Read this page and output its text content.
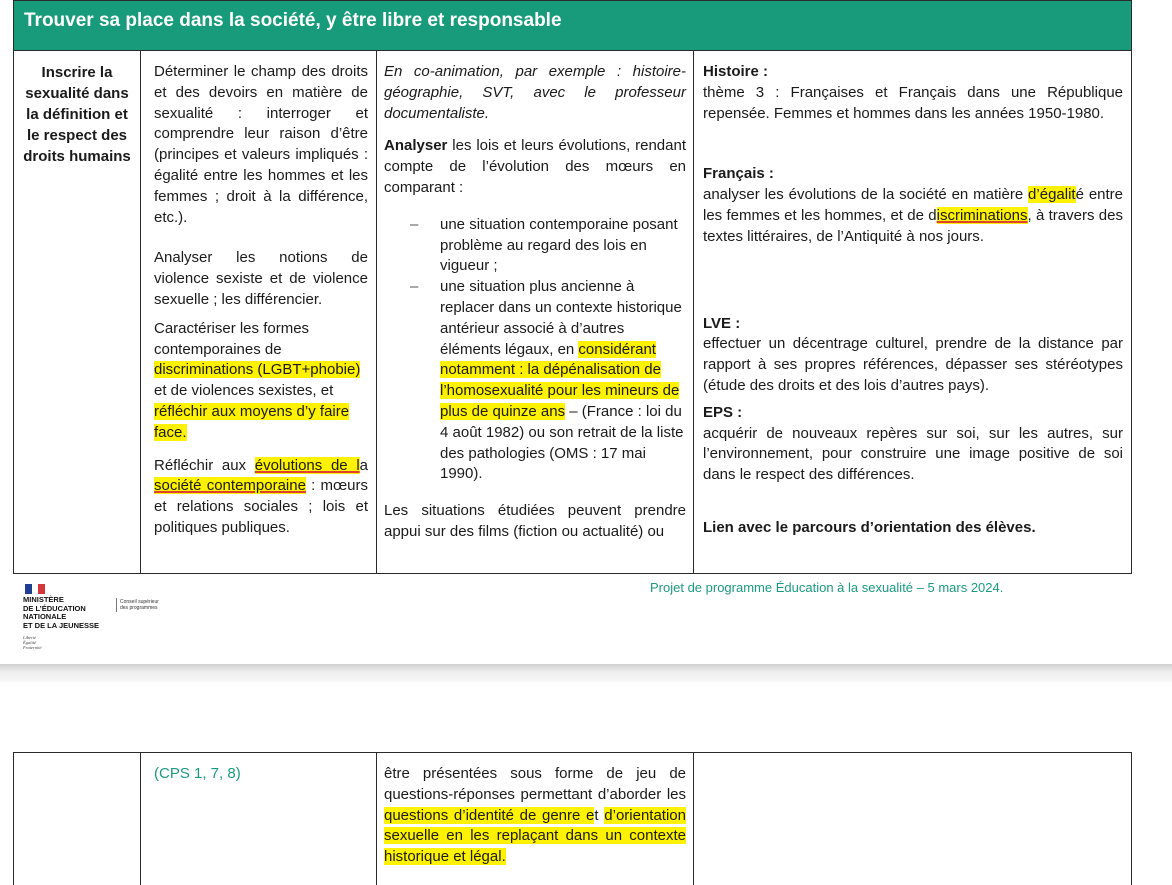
Trouver sa place dans la société, y être libre et responsable
Inscrire la
sexualité dans
la définition et
le respect des
droits humains

Déterminer le champ des droits et des devoirs en matière de sexualité : interroger et comprendre leur raison d’être (principes et valeurs impliqués : égalité entre les hommes et les femmes ; droit à la différence, etc.).

Analyser les notions de violence sexiste et de violence sexuelle ; les différencier.

Caractériser les formes contemporaines de discriminations (LGBT+phobie) et de violences sexistes, et réfléchir aux moyens d’y faire face.

Réfléchir aux évolutions de la société contemporaine : mœurs et relations sociales ; lois et politiques publiques.

En co-animation, par exemple : histoire-géographie, SVT, avec le professeur documentaliste.

Analyser les lois et leurs évolutions, rendant compte de l’évolution des mœurs en comparant :

– une situation contemporaine posant problème au regard des lois en vigueur ;
– une situation plus ancienne à replacer dans un contexte historique antérieur associé à d’autres éléments légaux, en considérant notamment : la dépénalisation de l’homosexualité pour les mineurs de plus de quinze ans – (France : loi du 4 août 1982) ou son retrait de la liste des pathologies (OMS : 17 mai 1990).

Les situations étudiées peuvent prendre appui sur des films (fiction ou actualité) ou

Histoire :
thème 3 : Françaises et Français dans une République repensée. Femmes et hommes dans les années 1950-1980.

Français :
analyser les évolutions de la société en matière d’égalité entre les femmes et les hommes, et de discriminations, à travers des textes littéraires, de l’Antiquité à nos jours.

LVE :
effectuer un décentrage culturel, prendre de la distance par rapport à ses propres références, dépasser ses stéréotypes (étude des droits et des lois d’autres pays).

EPS :
acquérir de nouveaux repères sur soi, sur les autres, sur l’environnement, pour construire une image positive de soi dans le respect des différences.

Lien avec le parcours d’orientation des élèves.

MINISTÈRE
DE L’ÉDUCATION
NATIONALE
ET DE LA JEUNESSE
Liberté
Égalité
Fraternité
Conseil supérieur
des programmes
Projet de programme Éducation à la sexualité – 5 mars 2024.
(CPS 1, 7, 8)	être présentées sous forme de jeu de questions-réponses permettant d’aborder les questions d’identité de genre et d’orientation sexuelle en les replaçant dans un contexte historique et légal.
